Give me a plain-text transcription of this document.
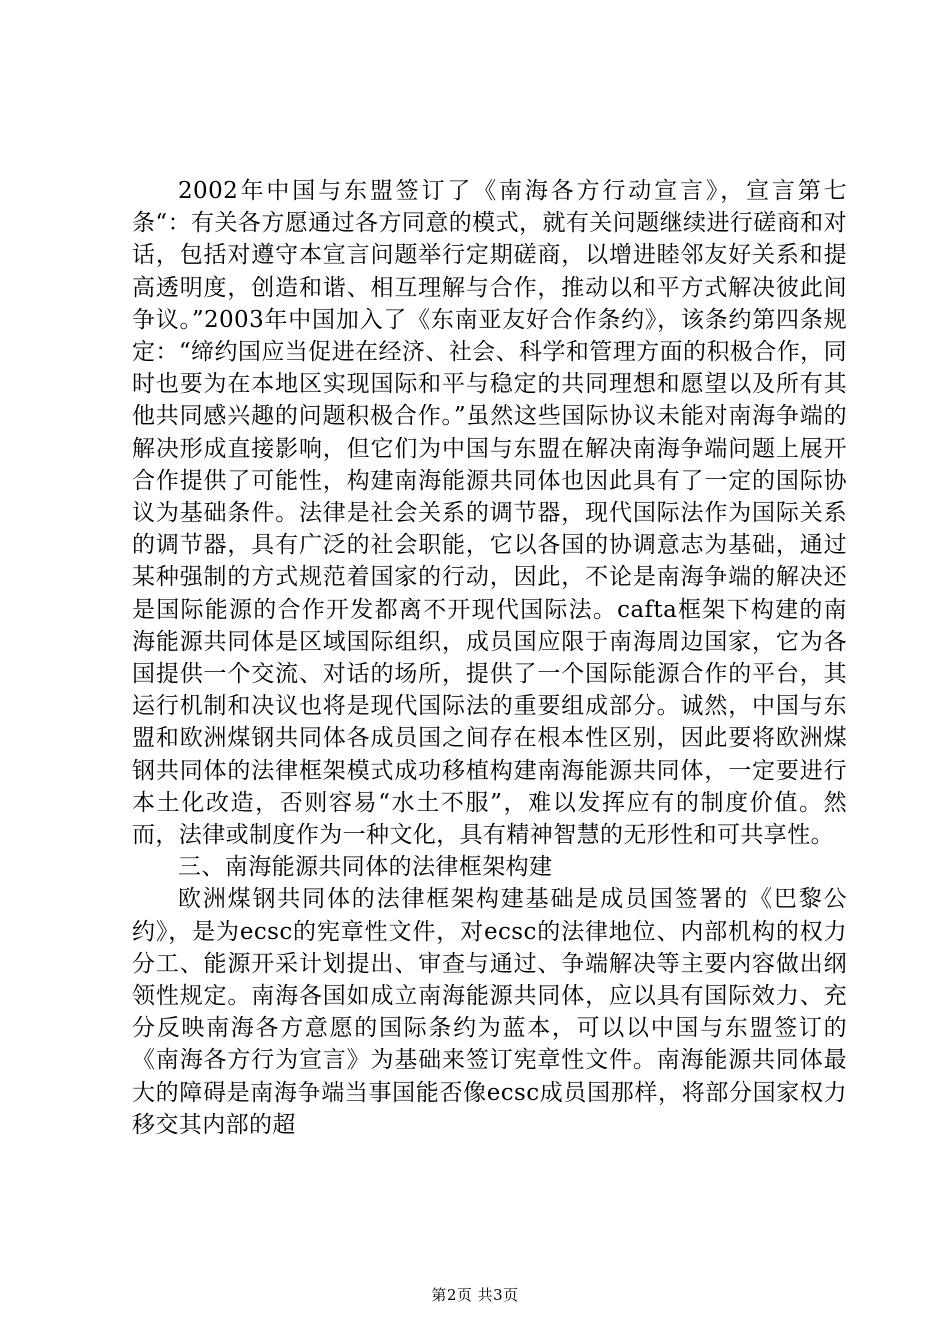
2002年中国与东盟签订了《南海各方行动宣言》，宣言第七条“：有关各方愿通过各方同意的模式，就有关问题继续进行磋商和对话，包括对遵守本宣言问题举行定期磋商，以增进睦邻友好关系和提高透明度，创造和谐、相互理解与合作，推动以和平方式解决彼此间争议。”2003年中国加入了《东南亚友好合作条约》，该条约第四条规定：“缔约国应当促进在经济、社会、科学和管理方面的积极合作，同时也要为在本地区实现国际和平与稳定的共同理想和愿望以及所有其他共同感兴趣的问题积极合作。”虽然这些国际协议未能对南海争端的解决形成直接影响，但它们为中国与东盟在解决南海争端问题上展开合作提供了可能性，构建南海能源共同体也因此具有了一定的国际协议为基础条件。法律是社会关系的调节器，现代国际法作为国际关系的调节器，具有广泛的社会职能，它以各国的协调意志为基础，通过某种强制的方式规范着国家的行动，因此，不论是南海争端的解决还是国际能源的合作开发都离不开现代国际法。cafta框架下构建的南海能源共同体是区域国际组织，成员国应限于南海周边国家，它为各国提供一个交流、对话的场所，提供了一个国际能源合作的平台，其运行机制和决议也将是现代国际法的重要组成部分。诚然，中国与东盟和欧洲煤钢共同体各成员国之间存在根本性区别，因此要将欧洲煤钢共同体的法律框架模式成功移植构建南海能源共同体，一定要进行本土化改造，否则容易“水土不服”，难以发挥应有的制度价值。然而，法律或制度作为一种文化，具有精神智慧的无形性和可共享性。

三、南海能源共同体的法律框架构建

欧洲煤钢共同体的法律框架构建基础是成员国签署的《巴黎公约》，是为ecsc的宪章性文件，对ecsc的法律地位、内部机构的权力分工、能源开采计划提出、审查与通过、争端解决等主要内容做出纲领性规定。南海各国如成立南海能源共同体，应以具有国际效力、充分反映南海各方意愿的国际条约为蓝本，可以以中国与东盟签订的《南海各方行为宣言》为基础来签订宪章性文件。南海能源共同体最大的障碍是南海争端当事国能否像ecsc成员国那样，将部分国家权力移交其内部的超

第2页 共3页
